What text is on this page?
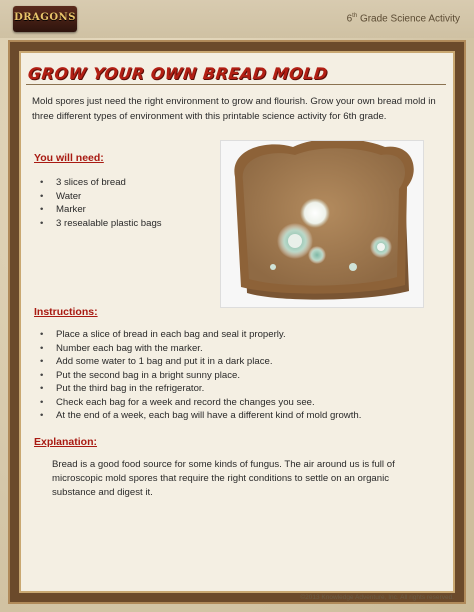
DRAGONS	6th Grade Science Activity
GROW YOUR OWN BREAD MOLD
Mold spores just need the right environment to grow and flourish. Grow your own bread mold in three different types of environment with this printable science activity for 6th grade.
You will need:
• 3 slices of bread
• Water
• Marker
• 3 resealable plastic bags
Instructions:
• Place a slice of bread in each bag and seal it properly.
• Number each bag with the marker.
• Add some water to 1 bag and put it in a dark place.
• Put the second bag in a bright sunny place.
• Put the third bag in the refrigerator.
• Check each bag for a week and record the changes you see.
• At the end of a week, each bag will have a different kind of mold growth.
Explanation:
Bread is a good food source for some kinds of fungus. The air around us is full of microscopic mold spores that require the right conditions to settle on an organic substance and digest it.
©2013 Knowledge Adventure, Inc. All rights reserved.
